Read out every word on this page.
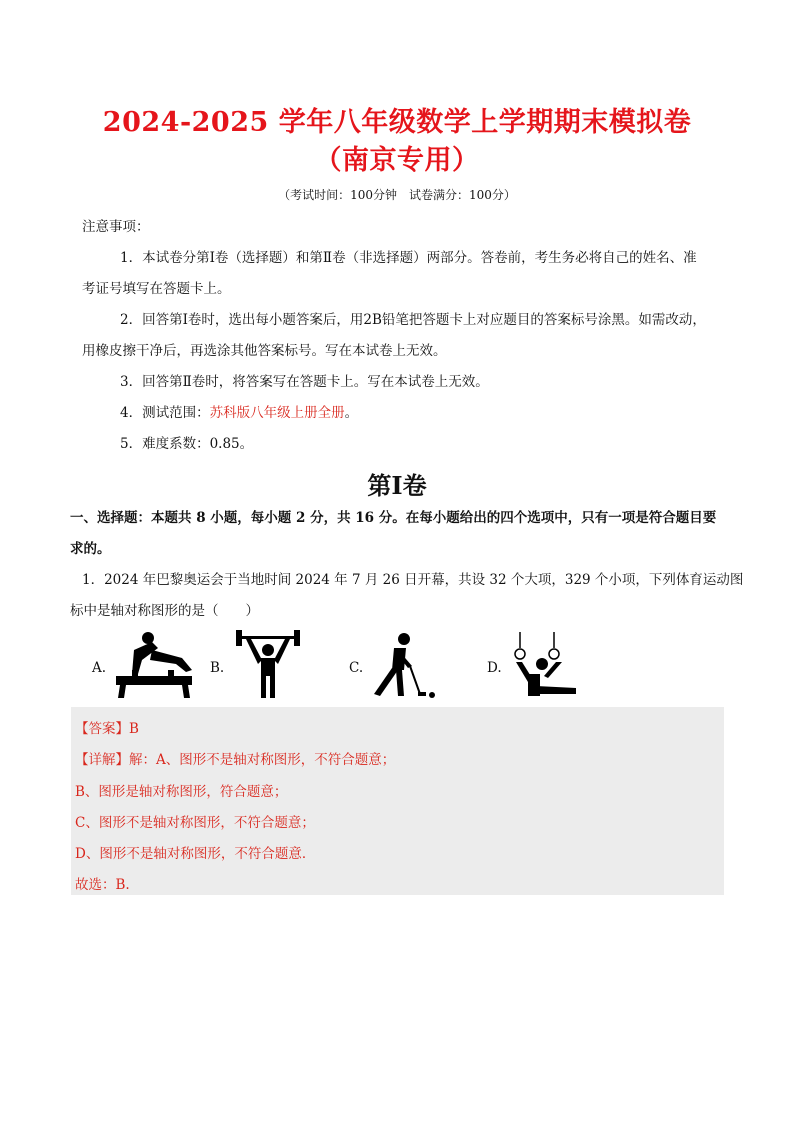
2024-2025 学年八年级数学上学期期末模拟卷
（南京专用）
（考试时间：100分钟　试卷满分：100分）
注意事项：
1．本试卷分第Ⅰ卷（选择题）和第Ⅱ卷（非选择题）两部分。答卷前，考生务必将自己的姓名、准
考证号填写在答题卡上。
2．回答第Ⅰ卷时，选出每小题答案后，用2B铅笔把答题卡上对应题目的答案标号涂黑。如需改动，
用橡皮擦干净后，再选涂其他答案标号。写在本试卷上无效。
3．回答第Ⅱ卷时，将答案写在答题卡上。写在本试卷上无效。
4．测试范围：苏科版八年级上册全册。
5．难度系数：0.85。
第Ⅰ卷
一、选择题：本题共 8 小题，每小题 2 分，共 16 分。在每小题给出的四个选项中，只有一项是符合题目要
求的。
1．2024 年巴黎奥运会于当地时间 2024 年 7 月 26 日开幕，共设 32 个大项，329 个小项，下列体育运动图
标中是轴对称图形的是（　　）
A.	B.	C.	D.
【答案】B
【详解】解：A、图形不是轴对称图形，不符合题意；
B、图形是轴对称图形，符合题意；
C、图形不是轴对称图形，不符合题意；
D、图形不是轴对称图形，不符合题意．
故选：B.
